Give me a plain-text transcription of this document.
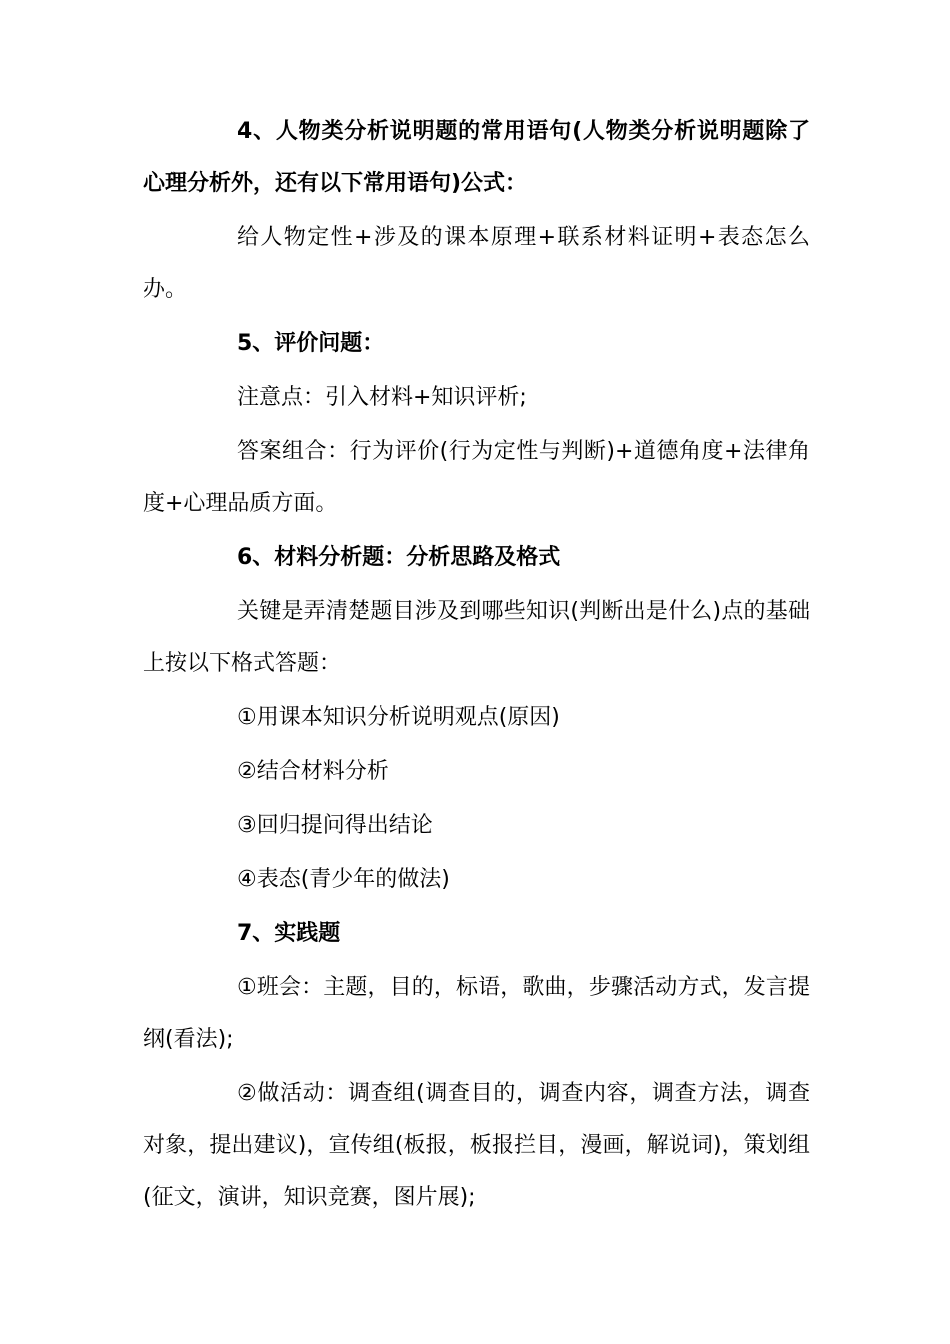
4、人物类分析说明题的常用语句(人物类分析说明题除了心理分析外，还有以下常用语句)公式：

给人物定性+涉及的课本原理+联系材料证明+表态怎么办。

5、评价问题：

注意点：引入材料+知识评析;

答案组合：行为评价(行为定性与判断)+道德角度+法律角度+心理品质方面。

6、材料分析题：分析思路及格式

关键是弄清楚题目涉及到哪些知识(判断出是什么)点的基础上按以下格式答题：

①用课本知识分析说明观点(原因)

②结合材料分析

③回归提问得出结论

④表态(青少年的做法)

7、实践题

①班会：主题，目的，标语，歌曲，步骤活动方式，发言提纲(看法);

②做活动：调查组(调查目的，调查内容，调查方法，调查对象，提出建议)，宣传组(板报，板报拦目，漫画，解说词)，策划组(征文，演讲，知识竞赛，图片展);
